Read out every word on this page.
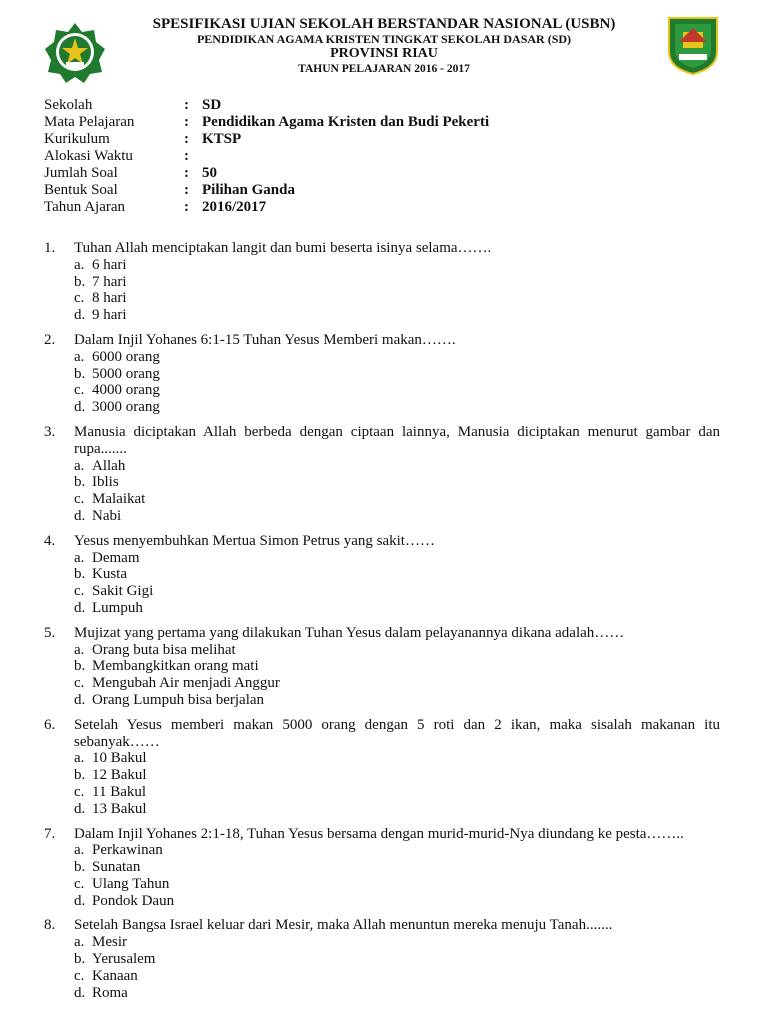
SPESIFIKASI UJIAN SEKOLAH BERSTANDAR NASIONAL (USBN)
PENDIDIKAN AGAMA KRISTEN TINGKAT SEKOLAH DASAR (SD)
PROVINSI RIAU
TAHUN PELAJARAN 2016 - 2017
Sekolah	: SD
Mata Pelajaran	: Pendidikan Agama Kristen dan Budi Pekerti
Kurikulum	: KTSP
Alokasi Waktu	:
Jumlah Soal	: 50
Bentuk Soal	: Pilihan Ganda
Tahun Ajaran	: 2016/2017
1.	Tuhan Allah menciptakan langit dan bumi beserta isinya selama…….
a. 6 hari
b. 7 hari
c. 8 hari
d. 9 hari
2.	Dalam Injil Yohanes 6:1-15 Tuhan Yesus Memberi makan…….
a. 6000 orang
b. 5000 orang
c. 4000 orang
d. 3000 orang
3.	Manusia diciptakan Allah berbeda dengan ciptaan lainnya, Manusia diciptakan menurut gambar dan rupa.......
a. Allah
b. Iblis
c. Malaikat
d. Nabi
4.	Yesus menyembuhkan Mertua Simon Petrus yang sakit……
a. Demam
b. Kusta
c. Sakit Gigi
d. Lumpuh
5.	Mujizat yang pertama yang dilakukan Tuhan Yesus dalam pelayanannya dikana adalah……
a. Orang buta bisa melihat
b. Membangkitkan orang mati
c. Mengubah Air menjadi Anggur
d. Orang Lumpuh bisa berjalan
6.	Setelah Yesus memberi makan 5000 orang dengan 5 roti dan 2 ikan, maka sisalah makanan itu sebanyak……
a. 10 Bakul
b. 12 Bakul
c. 11 Bakul
d. 13 Bakul
7.	Dalam Injil Yohanes 2:1-18, Tuhan Yesus bersama dengan murid-murid-Nya diundang ke pesta……..
a. Perkawinan
b. Sunatan
c. Ulang Tahun
d. Pondok Daun
8.	Setelah Bangsa Israel keluar dari Mesir, maka Allah menuntun mereka menuju Tanah.......
a. Mesir
b. Yerusalem
c. Kanaan
d. Roma
